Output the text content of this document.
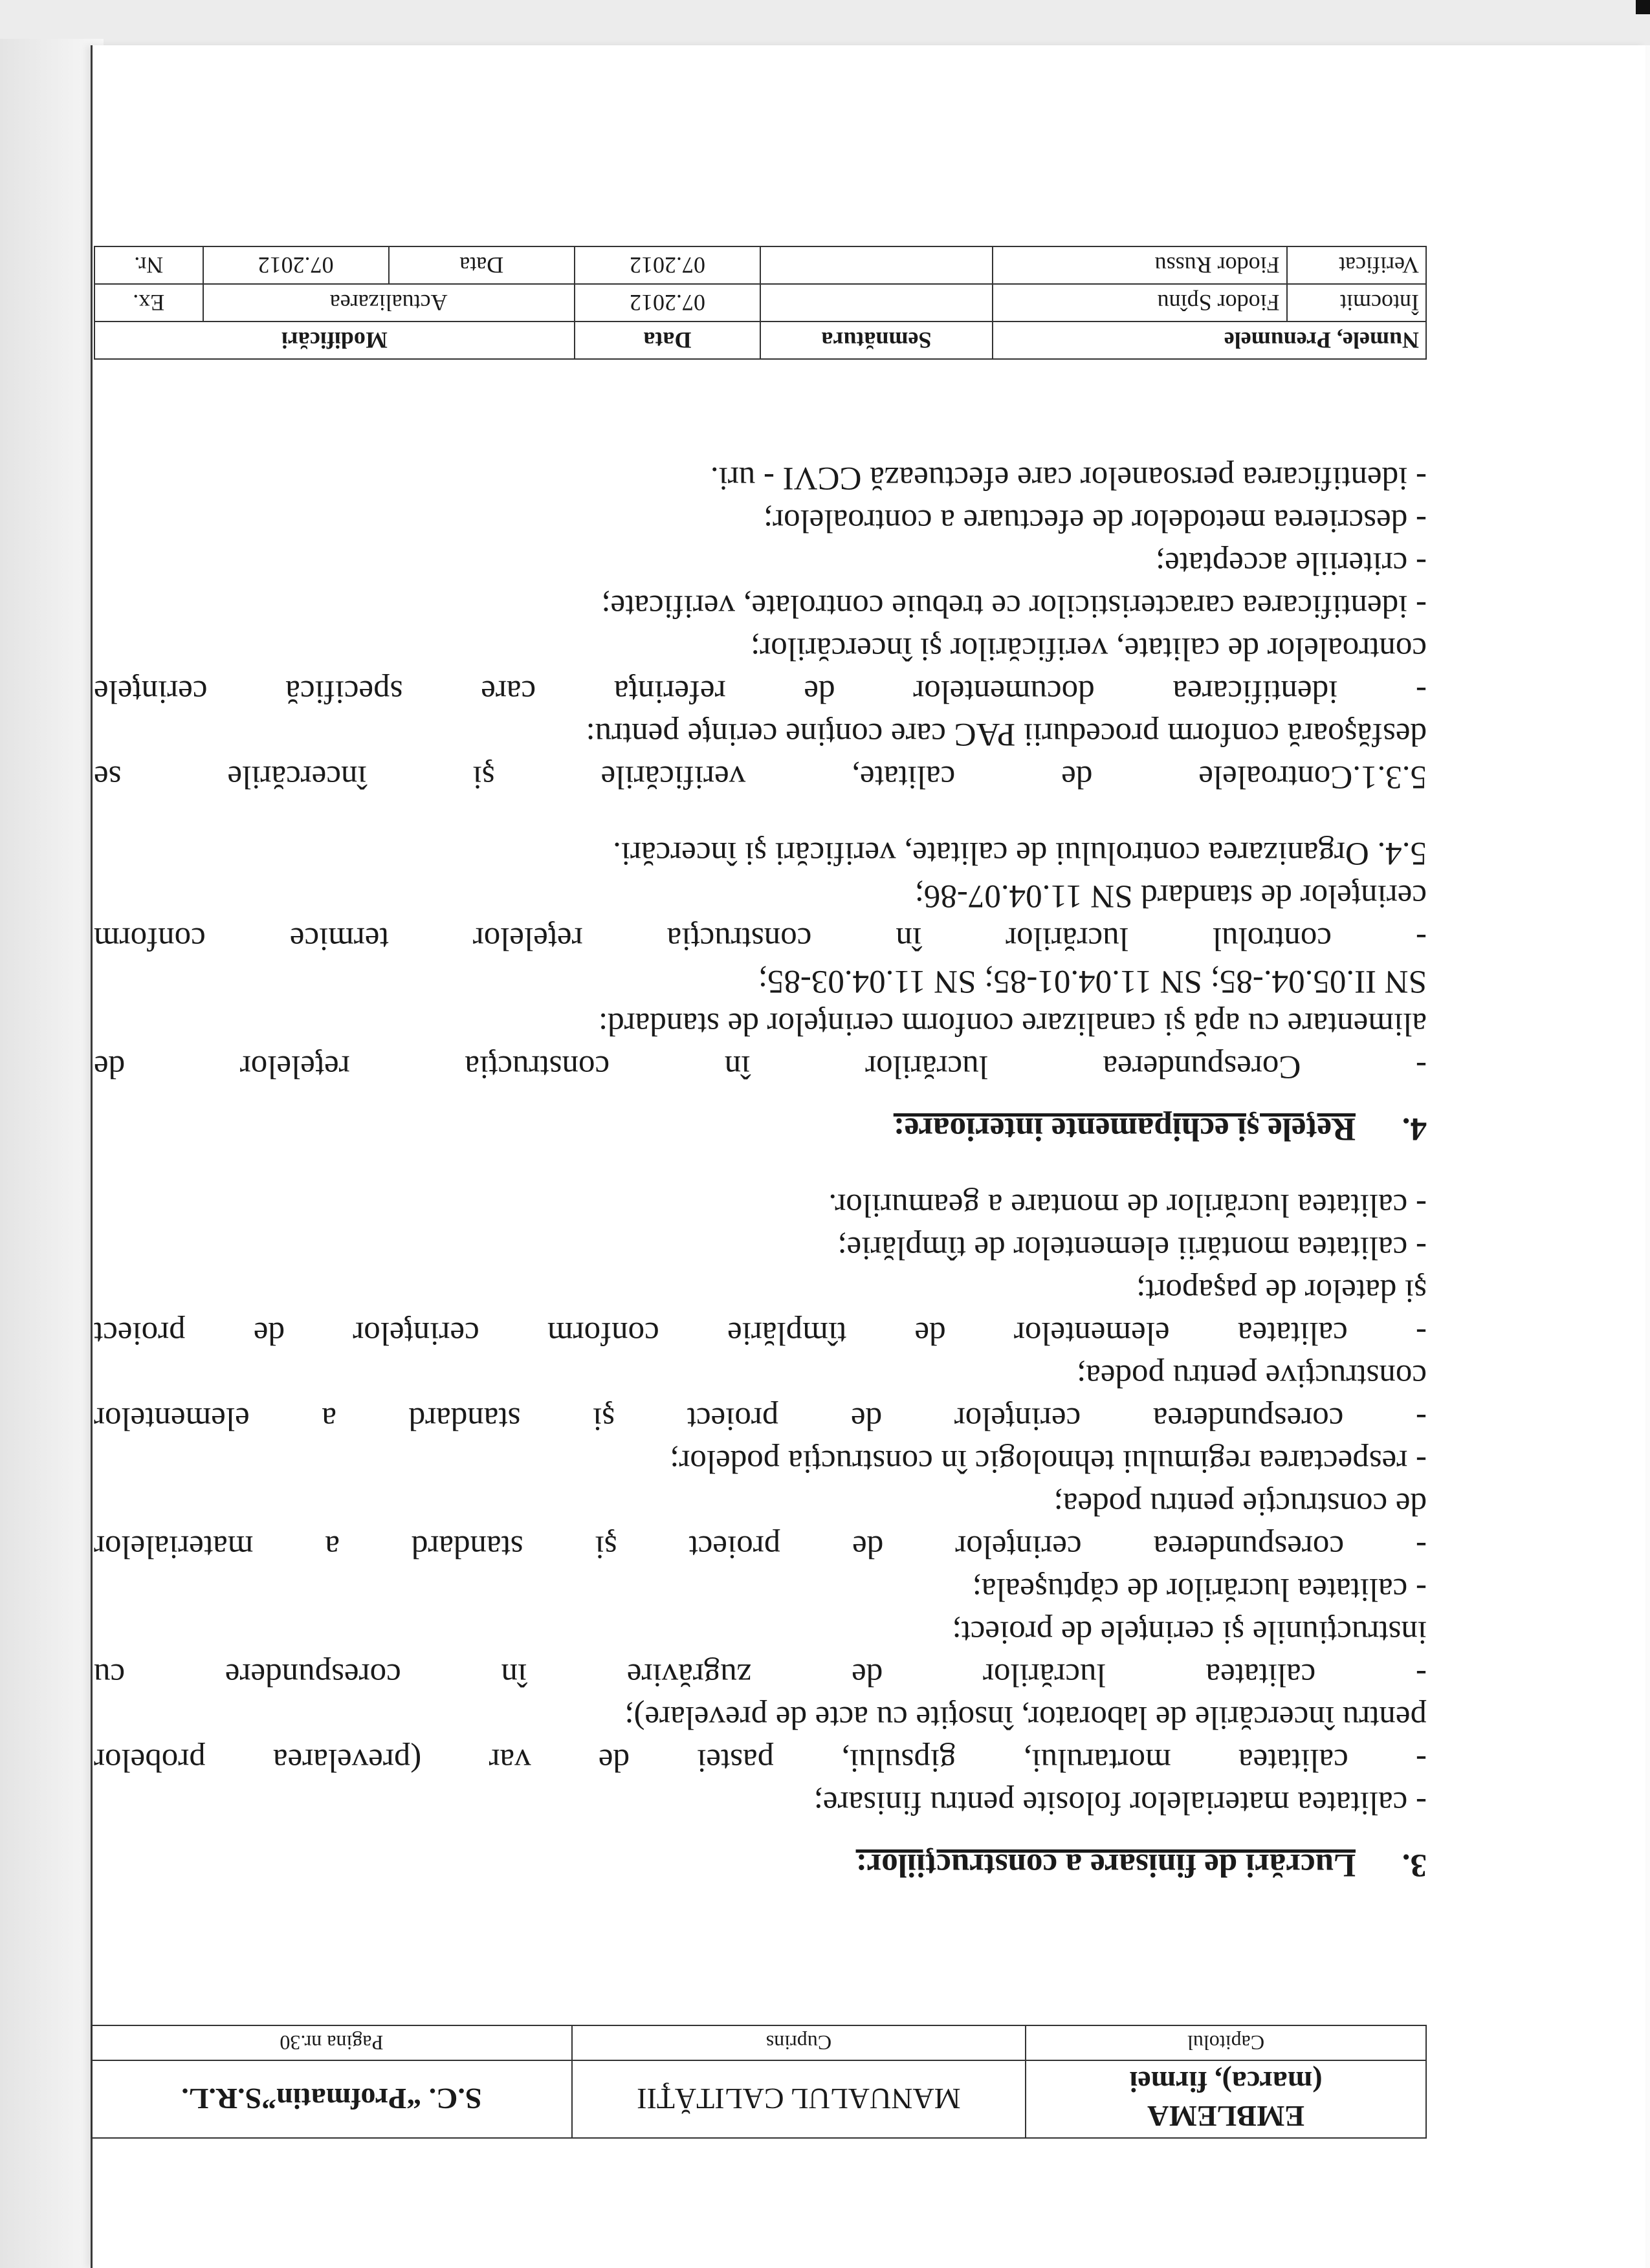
EMBLEMA
(marca), firmei	MANUALUL CALITĂŢII	S.C. “Profmatin”S.R.L.
Capitolul	Cuprins	Pagina nr.30
3.Lucrări de finisare a construcţiilor:

- calitatea materialelor folosite pentru finisare;

- calitatea mortarului, gipsului, pastei de var (prevelarea probelor

pentru încercările de laborator, însoţite cu acte de prevelare);

- calitatea lucrărilor de zugrăvire în corespundere cu

instrucţiunile şi cerinţele de proiect;

- calitatea lucrărilor de căptuşeala;

- corespunderea cerinţelor de proiect şi standard a materialelor

de construcţie pentru podea;

- respectarea regimului tehnologic în construcţia podelor;

- corespunderea cerinţelor de proiect şi standard a elementelor

construcţive pentru podea;

- calitatea elementelor de tîmplărie conform cerinţelor de proiect

şi datelor de paşaport;

- calitatea montării elementelor de tîmplărie;

- calitatea lucrărilor de montare a geamurilor.

4.Reţele şi echipamente interioare:

- Corespunderea lucrărilor în construcţia reţelelor de

alimentare cu apă şi canalizare conform cerinţelor de standard:

SN II.05.04.-85; SN 11.04.01-85; SN 11.04.03-85;

- controlul lucrărilor în construcţia reţelelor termice conform

cerinţelor de standard SN 11.04.07-86;

5.4. Organizarea controlului de calitate, verificări şi încercări.

5.3.1.Controalele de calitate, verificările şi încercările se

desfăşoară conform procedurii PAC care conţine cerinţe pentru:

- identificarea documentelor de referinţa care specifică cerinţele

controalelor de calitate, verificărilor şi încercărilor;

- identificarea caracteristicilor ce trebuie controlate, verificate;

- criteriile acceptate;

- descrierea metodelor de efectuare a controalelor;

- identificarea persoanelor care efectuează CCVI - uri.

Numele, Prenumele		Semnătura	Data	Modificări		
Întocmit	Fiodor Spînu		07.2012	Actualizarea		Ex.
Verificat	Fiodor Russu		07.2012	Data	07.2012	Nr.
